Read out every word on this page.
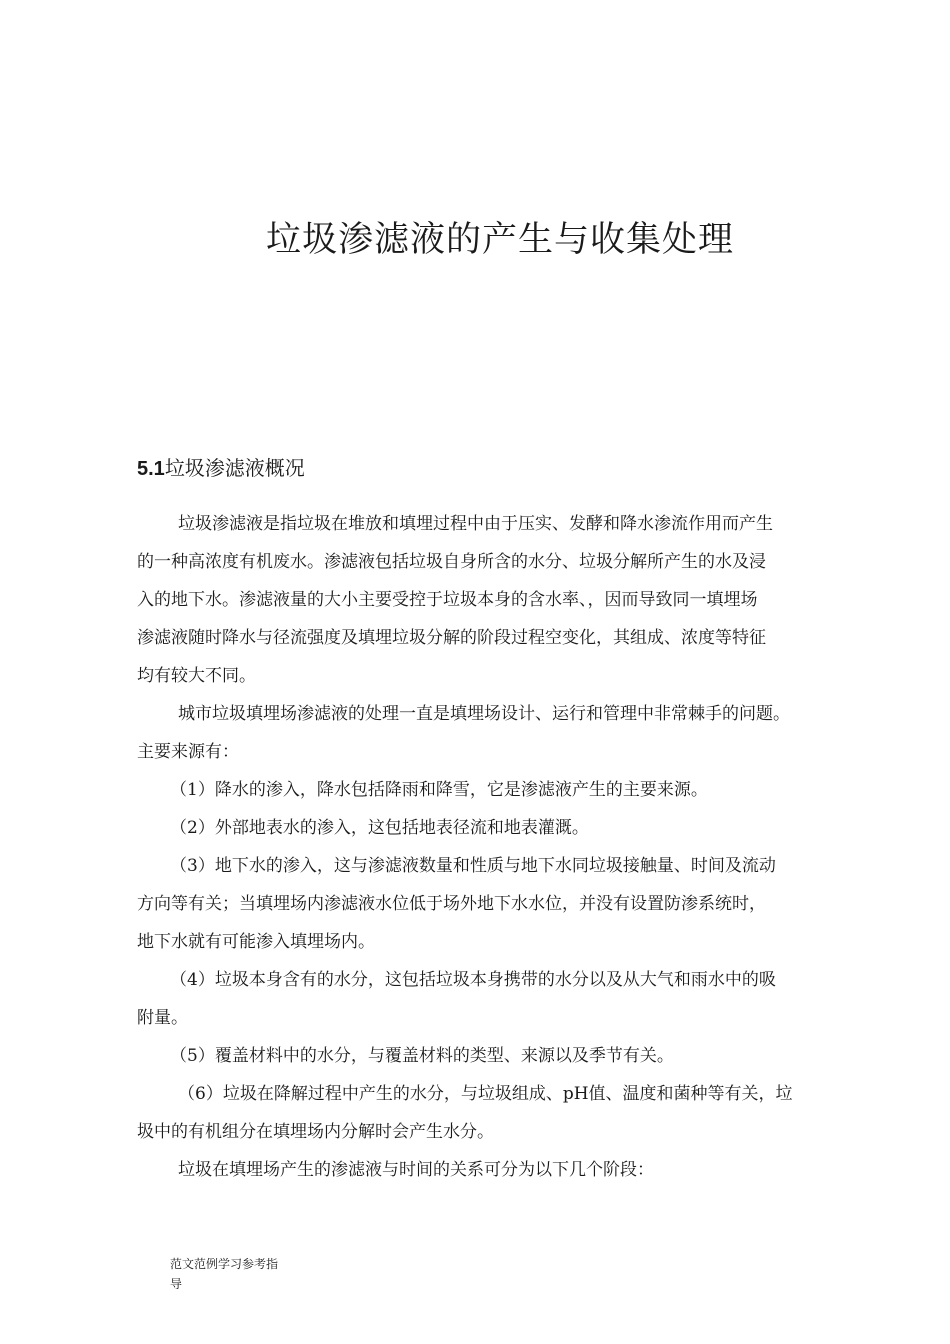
垃圾渗滤液的产生与收集处理
5.1垃圾渗滤液概况
垃圾渗滤液是指垃圾在堆放和填埋过程中由于压实、发酵和降水渗流作用而产生
的一种高浓度有机废水。渗滤液包括垃圾自身所含的水分、垃圾分解所产生的水及浸
入的地下水。渗滤液量的大小主要受控于垃圾本身的含水率、，因而导致同一填埋场
渗滤液随时降水与径流强度及填埋垃圾分解的阶段过程空变化，其组成、浓度等特征
均有较大不同。
城市垃圾填埋场渗滤液的处理一直是填埋场设计、运行和管理中非常棘手的问题。
主要来源有：
（1）降水的渗入，降水包括降雨和降雪，它是渗滤液产生的主要来源。
（2）外部地表水的渗入，这包括地表径流和地表灌溉。
（3）地下水的渗入，这与渗滤液数量和性质与地下水同垃圾接触量、时间及流动
方向等有关；当填埋场内渗滤液水位低于场外地下水水位，并没有设置防渗系统时，
地下水就有可能渗入填埋场内。
（4）垃圾本身含有的水分，这包括垃圾本身携带的水分以及从大气和雨水中的吸
附量。
（5）覆盖材料中的水分，与覆盖材料的类型、来源以及季节有关。
（6）垃圾在降解过程中产生的水分，与垃圾组成、pH值、温度和菌种等有关，垃
圾中的有机组分在填埋场内分解时会产生水分。
垃圾在填埋场产生的渗滤液与时间的关系可分为以下几个阶段：
范文范例学习参考指
导
